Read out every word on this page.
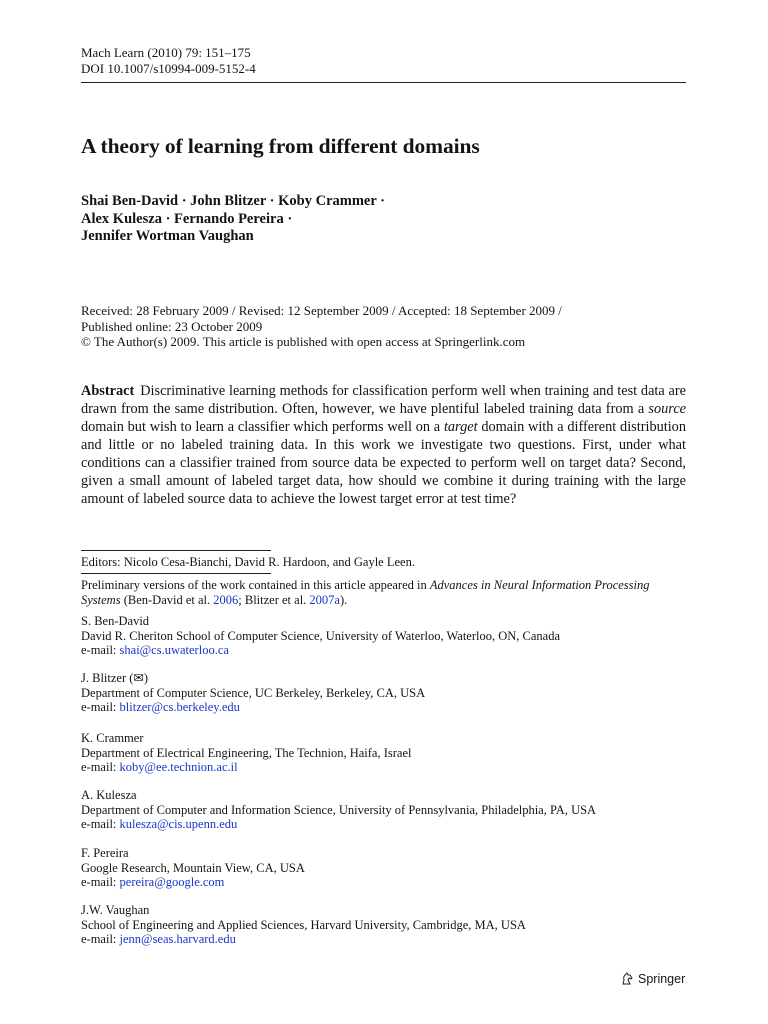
Mach Learn (2010) 79: 151–175
DOI 10.1007/s10994-009-5152-4
A theory of learning from different domains
Shai Ben-David · John Blitzer · Koby Crammer ·
Alex Kulesza · Fernando Pereira ·
Jennifer Wortman Vaughan
Received: 28 February 2009 / Revised: 12 September 2009 / Accepted: 18 September 2009 /
Published online: 23 October 2009
© The Author(s) 2009. This article is published with open access at Springerlink.com
Abstract Discriminative learning methods for classification perform well when training and test data are drawn from the same distribution. Often, however, we have plentiful labeled training data from a source domain but wish to learn a classifier which performs well on a target domain with a different distribution and little or no labeled training data. In this work we investigate two questions. First, under what conditions can a classifier trained from source data be expected to perform well on target data? Second, given a small amount of labeled target data, how should we combine it during training with the large amount of labeled source data to achieve the lowest target error at test time?
Editors: Nicolo Cesa-Bianchi, David R. Hardoon, and Gayle Leen.
Preliminary versions of the work contained in this article appeared in Advances in Neural Information Processing Systems (Ben-David et al. 2006; Blitzer et al. 2007a).
S. Ben-David
David R. Cheriton School of Computer Science, University of Waterloo, Waterloo, ON, Canada
e-mail: shai@cs.uwaterloo.ca
J. Blitzer (✉)
Department of Computer Science, UC Berkeley, Berkeley, CA, USA
e-mail: blitzer@cs.berkeley.edu
K. Crammer
Department of Electrical Engineering, The Technion, Haifa, Israel
e-mail: koby@ee.technion.ac.il
A. Kulesza
Department of Computer and Information Science, University of Pennsylvania, Philadelphia, PA, USA
e-mail: kulesza@cis.upenn.edu
F. Pereira
Google Research, Mountain View, CA, USA
e-mail: pereira@google.com
J.W. Vaughan
School of Engineering and Applied Sciences, Harvard University, Cambridge, MA, USA
e-mail: jenn@seas.harvard.edu
Springer
